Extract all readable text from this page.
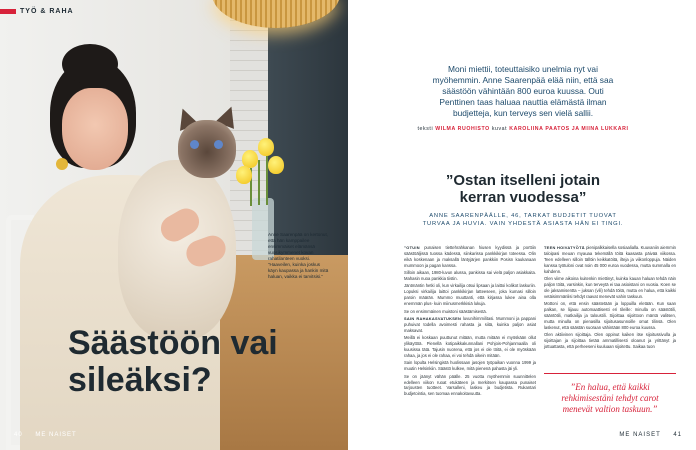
TYÖ & RAHA
Anne Saarenpää on kertonut, että hän kamppailee ensimmäiset elämänsä vuosikymmenet kovan rahatilanteen vuoksi. ”Haaveilen, kuinka joskus käyn kaupassa ja hankin mitä haluan, vaikka ei tarvitsisi.”
Säästöön vai
sileäksi?
40 ME NAISET
Moni miettii, toteuttaisiko unelmia nyt vai
myöhemmin. Anne Saarenpää elää niin, että saa
säästöön vähintään 800 euroa kuussa. Outi
Penttinen taas haluaa nauttia elämästä ilman
budjetteja, kun terveys sen vielä sallii.
teksti WILMA RUOHISTO kuvat KAROLIINA PAATOS JA MIINA LUKKARI
”Ostan itselleni jotain
kerran vuodessa”
ANNE SAARENPÄÄLLE, 46, TARKAT BUDJETIT TUOVAT
TURVAA JA HUVIA. VAIN YHDESTÄ ASIASTA HÄN EI TINGI.

”OTUIN punaisen tiettehrahkanan hiusen kyydissä ja porttiin säästöäljissä tuossa kädessä, siinkarissa pankkikirjan toteessa. Olin eikä koskenaan ja maksallä läntyjärjen pankkiin Posisn kaukanaan mummoon ja pagan kanssa.

Silloin aikaan, 1980-luvun alussa, pankissa sai vielä paljon asiakkaita. Mahasin nuoa pankkia tiistin.

Jäntmäntin hetki oli, kun virkailija otsui lipsaan ja laittoi kolikot laskuriin. Lopuksi virkailija laittoi pankkikirjan latteeseen, joka kumasi silloin paroin määrän. Mummo muuttanti, että kirjassa lukee aina olla enemmän plus- kuin miinusmerkkisiä lukuja.

Se on ensimmäinen muistoni säästämisestä.

SAIN RAHAKASVATUKSEN luvunihimmilitasi. Mummoni ja pappani puhuivat todella avoimesti rahasta ja siitä, kuinka paljon asiat maksavat.

Meillä ei koskaan puuttunut mitään, mutta mitään ei myöskään ollut ylikäyttöä. Pienellä kotipaikkakunnallani Pohjois-Pohjanmaalla oli kuusissa tätä. Tajusin nuorena, että jos ei ole töitä, ei ole myöskään rahaa, ja jos ei ole rahaa, ei voi tehdä oikein mitään.

Sain lopulta Helsingistä huolissaan jasojen työpaikan vuonna 1999 ja muutin Helsinkiin. Säästö kulkee, mitä pienenä pahasta jäi yli.

Se on jäänyt vähän päälle. 25 vuotta myöhemmin suunnittelen edelleen viikon ruoat etukäteen ja merkitsen kaupassa punaiset tarjousten tuotteet. Varsalleni, laskeu ja budjetista. Rukantari budjetointia, sen tuomaa ennakoitavuutta.

TEEN HOIVATYÖTÄ pienipalkkaisella sosiaalialla. Kuuvaniin aiemmin taloipasi meuan myauaa tekemällä töitä kaasasta päivää viikossa. Teen edelleen silloin tällöin keikkatöitä, ilteja ja viikonloppuja. Näiden kanssa työtuloni ovat noin 45 000 euroa vuodessa, mutta summalla en kahdenn.

Olen viime aikoina kuitenkin miettinyt, kuinka kauan haluan tehdä näin paljon töitä, varsinkin, kun terveytä ei taa asioistani on vuosia. Koen se ole jaksamisentta – juksan (vili) tehdä töitä, mutta en halua, että kaikki vetäisimmänlisi tehdyt raavat menevät vahin taskuun.

Mottoni on, että ensin säästetään ja loppuilla eletään. Kun saan palkan, se liijauu automaattisesti eri tileille: minulla on säästötili, sääntötili, matkailija ja taloustili. Sijoittaa sijoittoon mäntä valitsen, mutta minulla on pienasilla sijoitusasunnoille omat tilinsä. Olen laskenut, että säästän suoraan vähintään 800 euroa kuussa.

Olen aktiivinen sijoittaja. Olen oppinut kaiken itse sijoitussivulla ja sijoittajan ja sijoittaa tietää ammatillisesti oloanut ja yrittänyt ja jottuattasta, että perheeseni kuuluaan sijoitettu. Saikaa tuon

”En halua, että kaikki
rehkimisestäni tehdyt carot
menevät valtion taskuun.”
ME NAISET 41
